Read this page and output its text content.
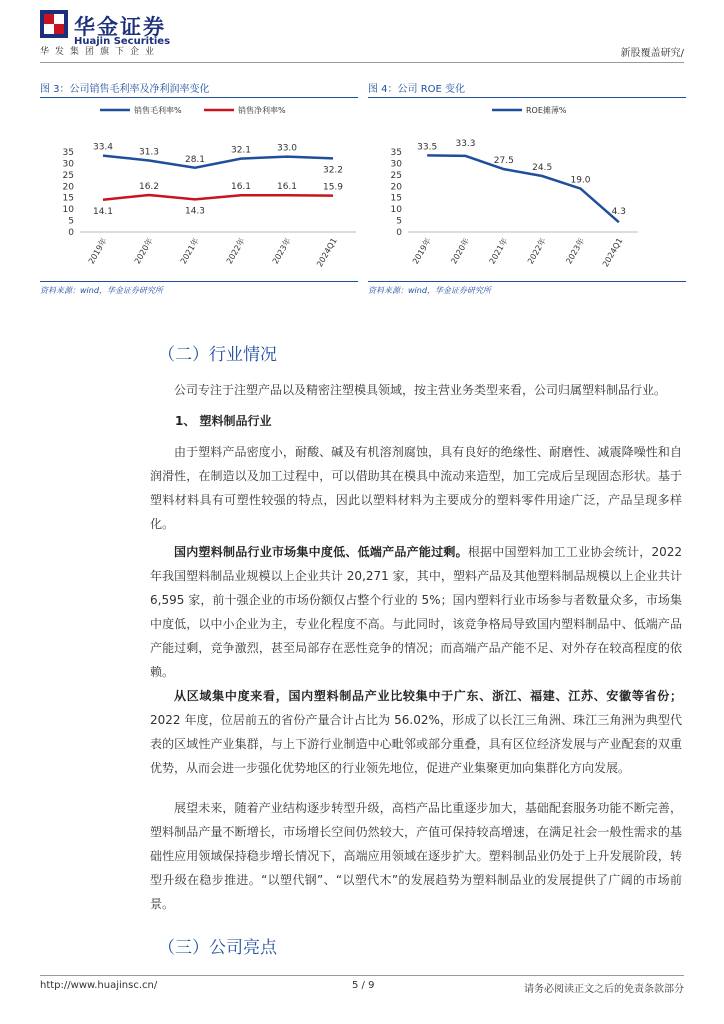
华金证券
Huajin Securities
华发集团旗下企业	新股覆盖研究/
图 3：公司销售毛利率及净利润率变化
销售毛利率%	销售净利率%
0
5
10
15
20
25
30
35
2019年	2020年	2021年	2022年	2023年	2024Q1
33.4	31.3
28.1
32.1	33.0
32.2
14.1
16.2
14.3
16.1	16.1	15.9
资料来源：wind，华金证券研究所
图 4：公司 ROE 变化
ROE摊薄%
0
5
10
15
20
25
30
35
2019年 2020年 2021年 2022年 2023年 2024Q1
33.5 33.3
27.5
24.5
19.0
4.3
资料来源：wind，华金证券研究所
（二）行业情况
公司专注于注塑产品以及精密注塑模具领域，按主营业务类型来看，公司归属塑料制品行业。
1、 塑料制品行业
由于塑料产品密度小，耐酸、碱及有机溶剂腐蚀，具有良好的绝缘性、耐磨性、减震降噪性和自润滑性，在制造以及加工过程中，可以借助其在模具中流动来造型，加工完成后呈现固态形状。基于塑料材料具有可塑性较强的特点，因此以塑料材料为主要成分的塑料零件用途广泛，产品呈现多样化。
国内塑料制品行业市场集中度低、低端产品产能过剩。根据中国塑料加工工业协会统计，2022 年我国塑料制品业规模以上企业共计 20,271 家，其中，塑料产品及其他塑料制品规模以上企业共计 6,595 家，前十强企业的市场份额仅占整个行业的 5%；国内塑料行业市场参与者数量众多，市场集中度低，以中小企业为主，专业化程度不高。与此同时，该竞争格局导致国内塑料制品中、低端产品产能过剩，竞争激烈，甚至局部存在恶性竞争的情况；而高端产品产能不足、对外存在较高程度的依赖。
从区域集中度来看，国内塑料制品产业比较集中于广东、浙江、福建、江苏、安徽等省份；2022 年度，位居前五的省份产量合计占比为 56.02%，形成了以长江三角洲、珠江三角洲为典型代表的区域性产业集群，与上下游行业制造中心毗邻或部分重叠，具有区位经济发展与产业配套的双重优势，从而会进一步强化优势地区的行业领先地位，促进产业集聚更加向集群化方向发展。
展望未来，随着产业结构逐步转型升级，高档产品比重逐步加大，基础配套服务功能不断完善，塑料制品产量不断增长，市场增长空间仍然较大，产值可保持较高增速，在满足社会一般性需求的基础性应用领域保持稳步增长情况下，高端应用领域在逐步扩大。塑料制品业仍处于上升发展阶段，转型升级在稳步推进。“以塑代钢”、“以塑代木”的发展趋势为塑料制品业的发展提供了广阔的市场前景。
（三）公司亮点
http://www.huajinsc.cn/	5 / 9	请务必阅读正文之后的免责条款部分
